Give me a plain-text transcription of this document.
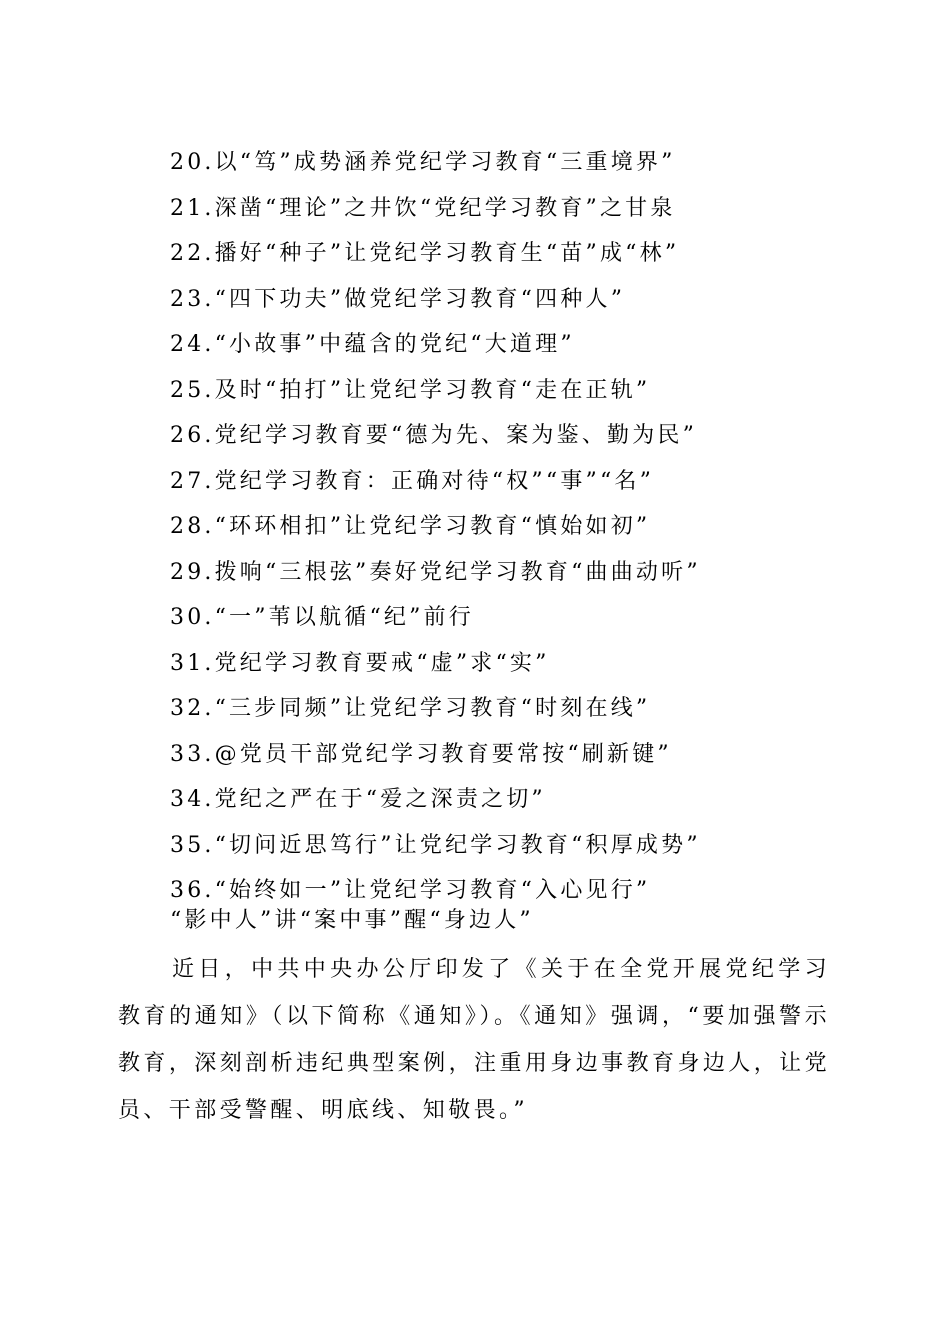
20.以“笃”成势涵养党纪学习教育“三重境界”
21.深凿“理论”之井饮“党纪学习教育”之甘泉
22.播好“种子”让党纪学习教育生“苗”成“林”
23.“四下功夫”做党纪学习教育“四种人”
24.“小故事”中蕴含的党纪“大道理”
25.及时“拍打”让党纪学习教育“走在正轨”
26.党纪学习教育要“德为先、案为鉴、勤为民”
27.党纪学习教育：正确对待“权”“事”“名”
28.“环环相扣”让党纪学习教育“慎始如初”
29.拨响“三根弦”奏好党纪学习教育“曲曲动听”
30.“一”苇以航循“纪”前行
31.党纪学习教育要戒“虚”求“实”
32.“三步同频”让党纪学习教育“时刻在线”
33.@党员干部党纪学习教育要常按“刷新键”
34.党纪之严在于“爱之深责之切”
35.“切问近思笃行”让党纪学习教育“积厚成势”
36.“始终如一”让党纪学习教育“入心见行”
“影中人”讲“案中事”醒“身边人”

近日，中共中央办公厅印发了《关于在全党开展党纪学习教育的通知》（以下简称《通知》）。《通知》强调，“要加强警示教育，深刻剖析违纪典型案例，注重用身边事教育身边人，让党员、干部受警醒、明底线、知敬畏。”
